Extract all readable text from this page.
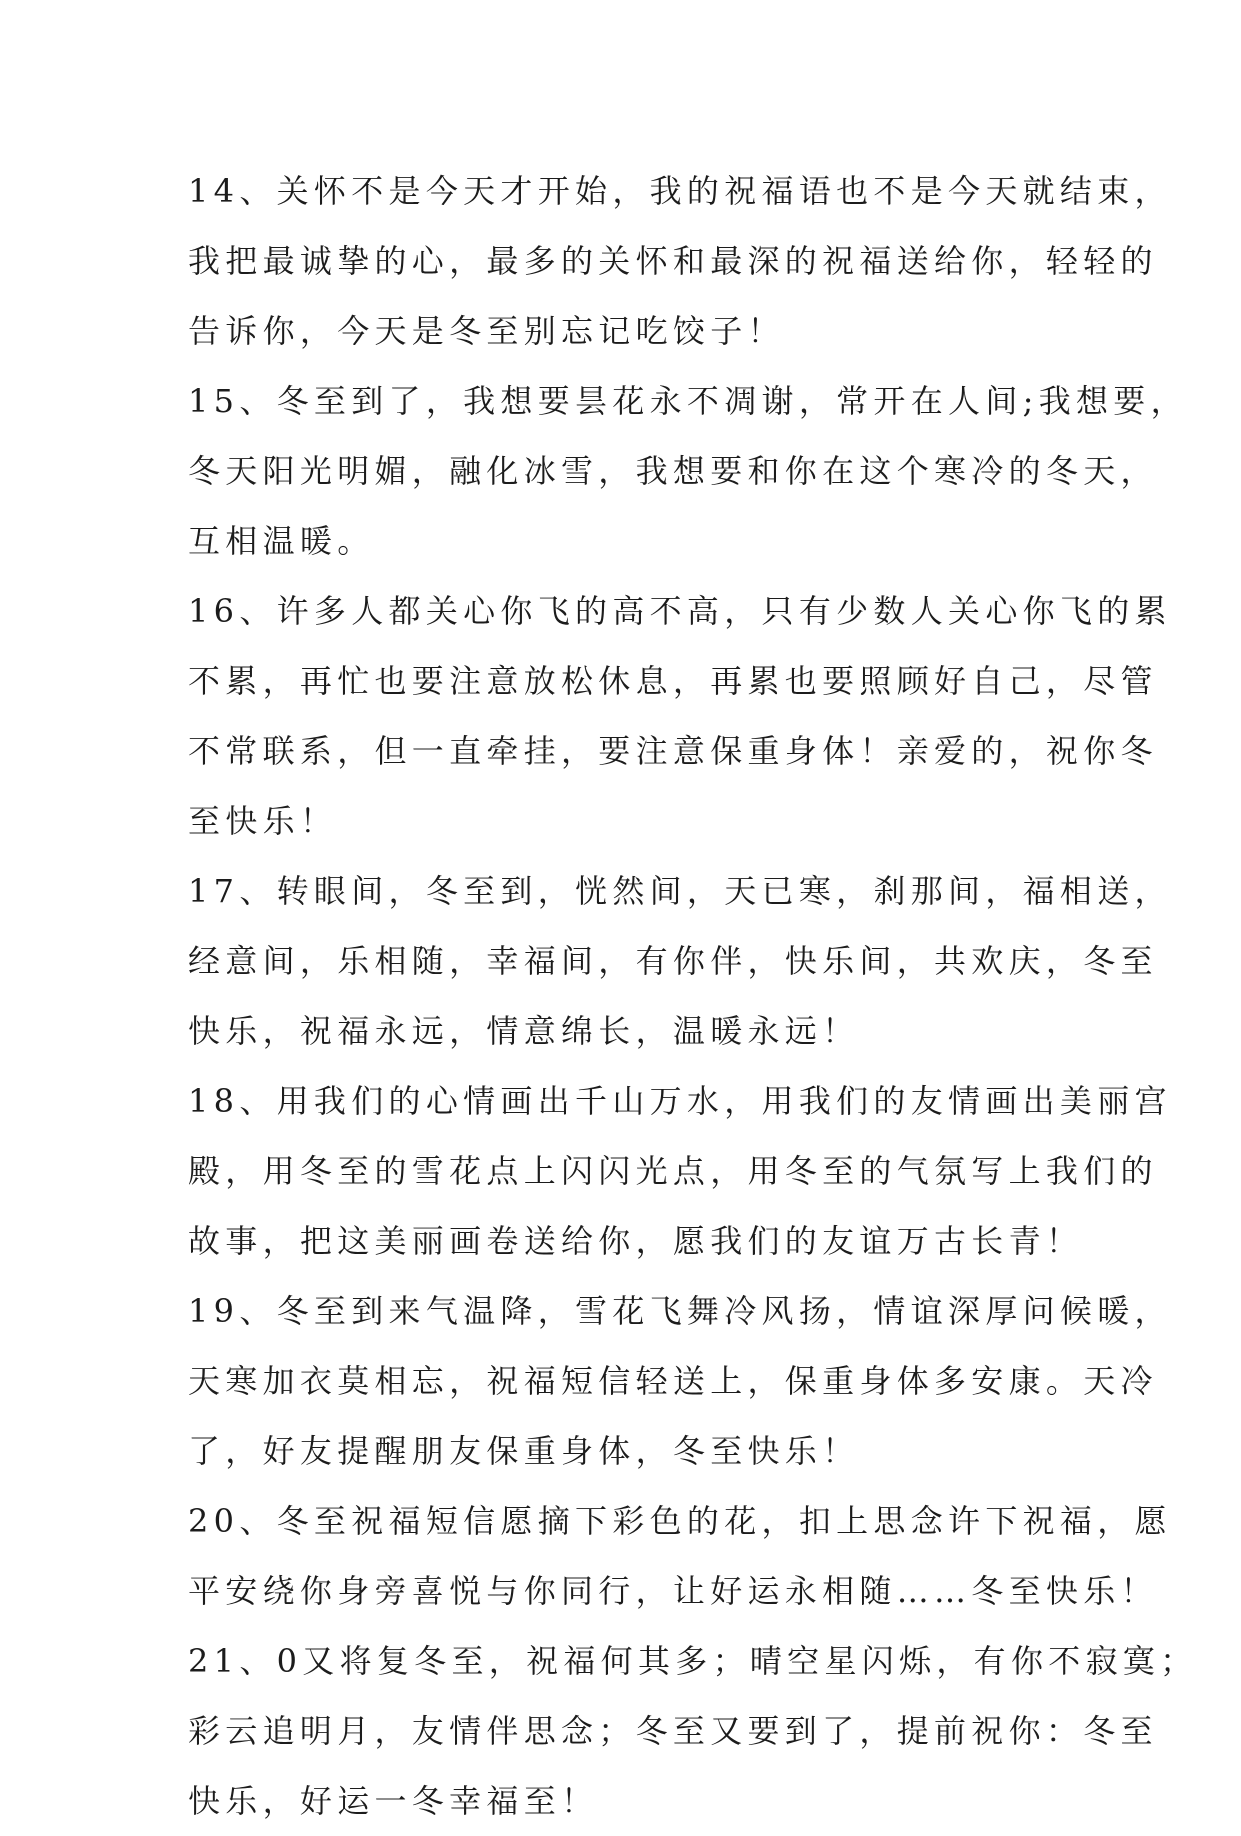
14、关怀不是今天才开始，我的祝福语也不是今天就结束，
我把最诚挚的心，最多的关怀和最深的祝福送给你，轻轻的
告诉你，今天是冬至别忘记吃饺子！
15、冬至到了，我想要昙花永不凋谢，常开在人间;我想要，
冬天阳光明媚，融化冰雪，我想要和你在这个寒冷的冬天，
互相温暖。
16、许多人都关心你飞的高不高，只有少数人关心你飞的累
不累，再忙也要注意放松休息，再累也要照顾好自己，尽管
不常联系，但一直牵挂，要注意保重身体！亲爱的，祝你冬
至快乐！
17、转眼间，冬至到，恍然间，天已寒，刹那间，福相送，
经意间，乐相随，幸福间，有你伴，快乐间，共欢庆，冬至
快乐，祝福永远，情意绵长，温暖永远！
18、用我们的心情画出千山万水，用我们的友情画出美丽宫
殿，用冬至的雪花点上闪闪光点，用冬至的气氛写上我们的
故事，把这美丽画卷送给你，愿我们的友谊万古长青！
19、冬至到来气温降，雪花飞舞冷风扬，情谊深厚问候暖，
天寒加衣莫相忘，祝福短信轻送上，保重身体多安康。天冷
了，好友提醒朋友保重身体，冬至快乐！
20、冬至祝福短信愿摘下彩色的花，扣上思念许下祝福，愿
平安绕你身旁喜悦与你同行，让好运永相随……冬至快乐！
21、0又将复冬至，祝福何其多；晴空星闪烁，有你不寂寞；
彩云追明月，友情伴思念；冬至又要到了，提前祝你：冬至
快乐，好运一冬幸福至！
